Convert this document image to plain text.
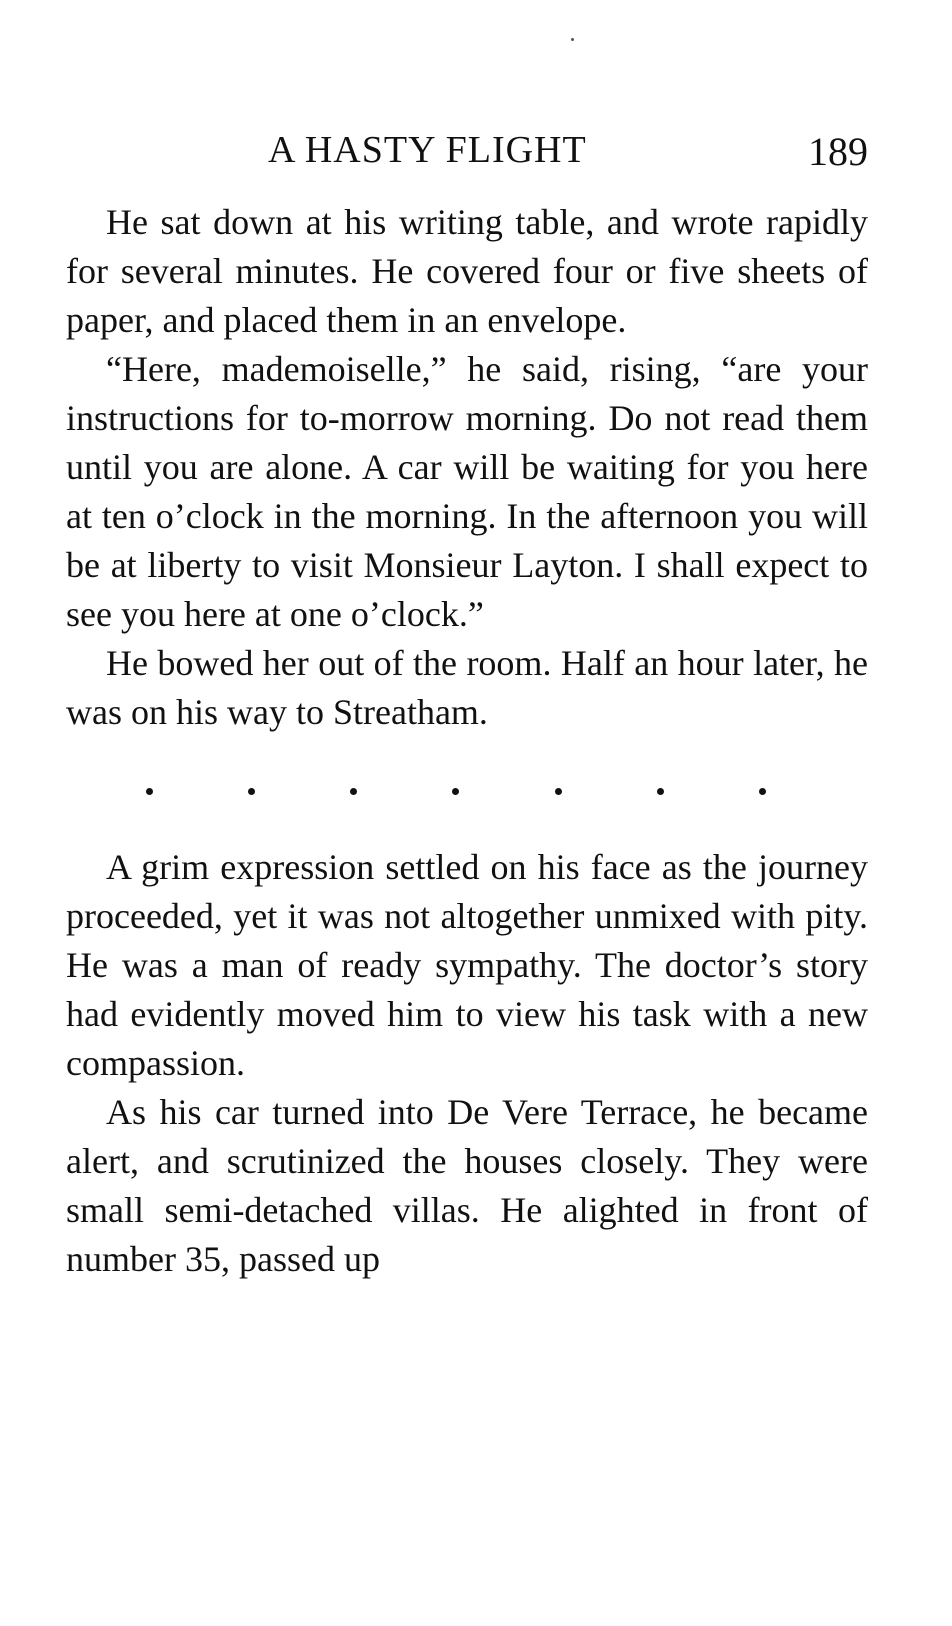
A HASTY FLIGHT	189

He sat down at his writing table, and wrote rapidly for several minutes. He covered four or five sheets of paper, and placed them in an envelope.

“Here, mademoiselle,” he said, rising, “are your instructions for to-morrow morning. Do not read them until you are alone. A car will be waiting for you here at ten o’clock in the morning. In the afternoon you will be at liberty to visit Monsieur Layton. I shall expect to see you here at one o’clock.”

He bowed her out of the room. Half an hour later, he was on his way to Streatham.

A grim expression settled on his face as the journey proceeded, yet it was not altogether unmixed with pity. He was a man of ready sympathy. The doctor’s story had evidently moved him to view his task with a new compassion.

As his car turned into De Vere Terrace, he became alert, and scrutinized the houses closely. They were small semi-detached villas. He alighted in front of number 35, passed up
